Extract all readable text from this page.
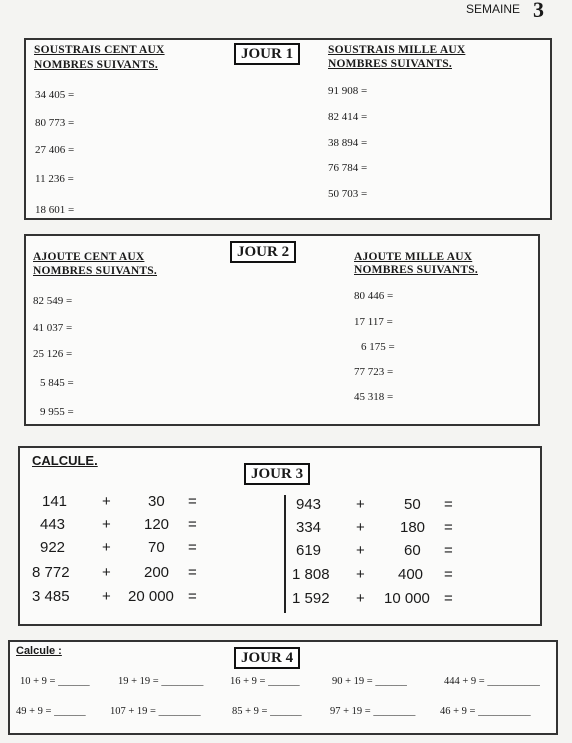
SEMAINE 3
JOUR 1
SOUSTRAIS CENT AUX
NOMBRES SUIVANTS.
SOUSTRAIS MILLE AUX
NOMBRES SUIVANTS.
34 405 =
80 773 =
27 406 =
11 236 =
18 601 =
91 908 =
82 414 =
38 894 =
76 784 =
50 703 =
JOUR 2
AJOUTE CENT AUX
NOMBRES SUIVANTS.
AJOUTE MILLE AUX
NOMBRES SUIVANTS.
82 549 =
41 037 =
25 126 =
5 845 =
9 955 =
80 446 =
17 117 =
6 175 =
77 723 =
45 318 =
CALCULE.
JOUR 3
141 + 30 =
443 + 120 =
922 + 70 =
8 772 + 200 =
3 485 + 20 000 =
943 +	50 =
334 + 180 =
619 +	60 =
1 808 + 400 =
1 592 + 10 000 =
Calcule :	JOUR 4
10 + 9 = ______	19 + 19 = ________	16 + 9 = ______	90 + 19 = ______	444 + 9 = __________
49 + 9 = ______ 107 + 19 = ________	85 + 9 = ______	97 + 19 = ________ 46 + 9 = __________
